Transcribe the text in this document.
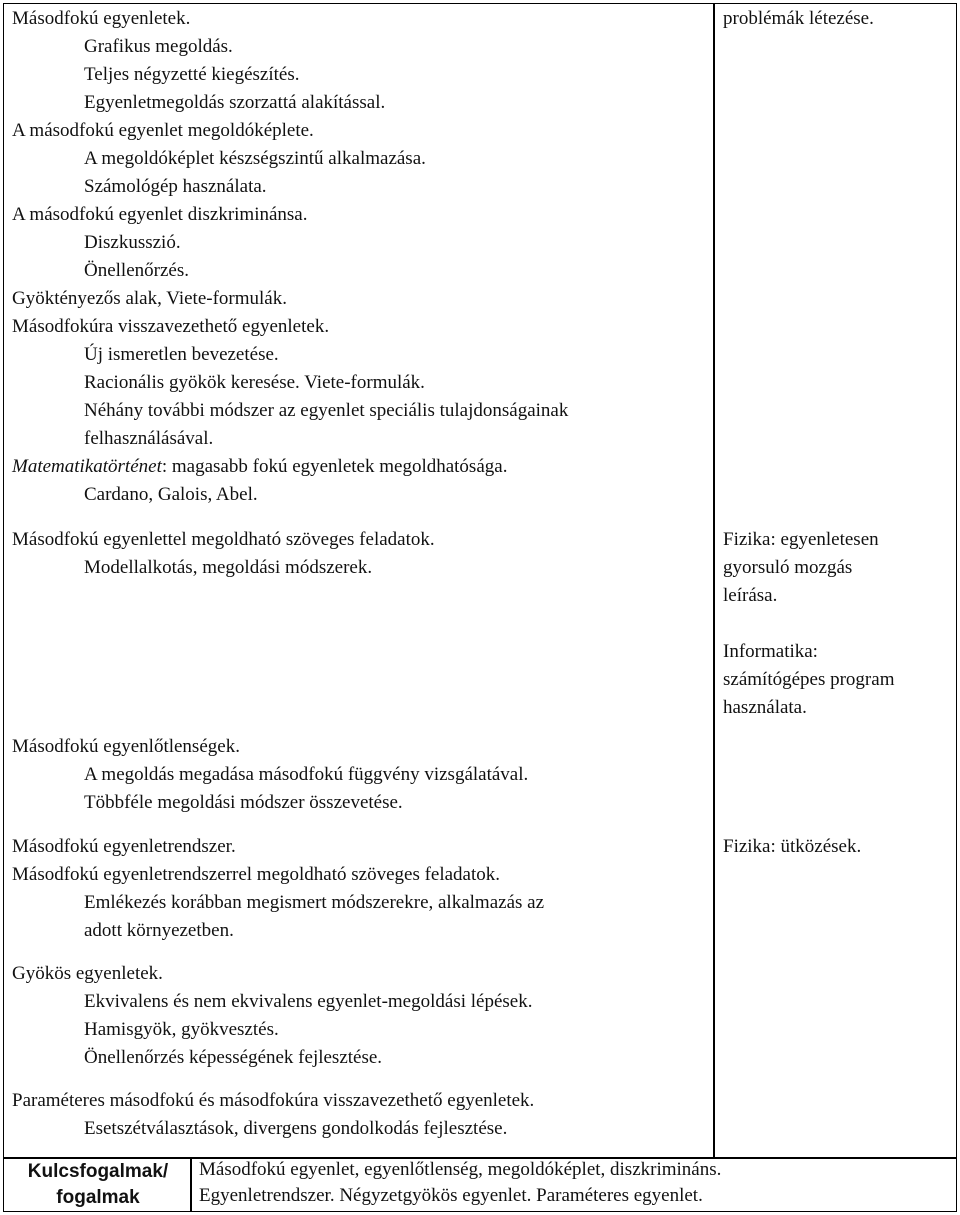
Másodfokú egyenletek.
Grafikus megoldás.
Teljes négyzetté kiegészítés.
Egyenletmegoldás szorzattá alakítással.
A másodfokú egyenlet megoldóképlete.
A megoldóképlet készségszintű alkalmazása.
Számológép használata.
A másodfokú egyenlet diszkriminánsa.
Diszkusszió.
Önellenőrzés.
Gyöktényezős alak, Viete-formulák.
Másodfokúra visszavezethető egyenletek.
Új ismeretlen bevezetése.
Racionális gyökök keresése. Viete-formulák.
Néhány további módszer az egyenlet speciális tulajdonságainak
felhasználásával.
Matematikatörténet: magasabb fokú egyenletek megoldhatósága.
Cardano, Galois, Abel.
Másodfokú egyenlettel megoldható szöveges feladatok.
Modellalkotás, megoldási módszerek.
Másodfokú egyenlőtlenségek.
A megoldás megadása másodfokú függvény vizsgálatával.
Többféle megoldási módszer összevetése.
Másodfokú egyenletrendszer.
Másodfokú egyenletrendszerrel megoldható szöveges feladatok.
Emlékezés korábban megismert módszerekre, alkalmazás az
adott környezetben.
Gyökös egyenletek.
Ekvivalens és nem ekvivalens egyenlet-megoldási lépések.
Hamisgyök, gyökvesztés.
Önellenőrzés képességének fejlesztése.
Paraméteres másodfokú és másodfokúra visszavezethető egyenletek.
Esetszétválasztások, divergens gondolkodás fejlesztése.
problémák létezése.
Fizika: egyenletesen
gyorsuló mozgás
leírása.
Informatika:
számítógépes program
használata.
Fizika: ütközések.
Kulcsfogalmak/
fogalmak
Másodfokú egyenlet, egyenlőtlenség, megoldóképlet, diszkrimináns.
Egyenletrendszer. Négyzetgyökös egyenlet. Paraméteres egyenlet.
